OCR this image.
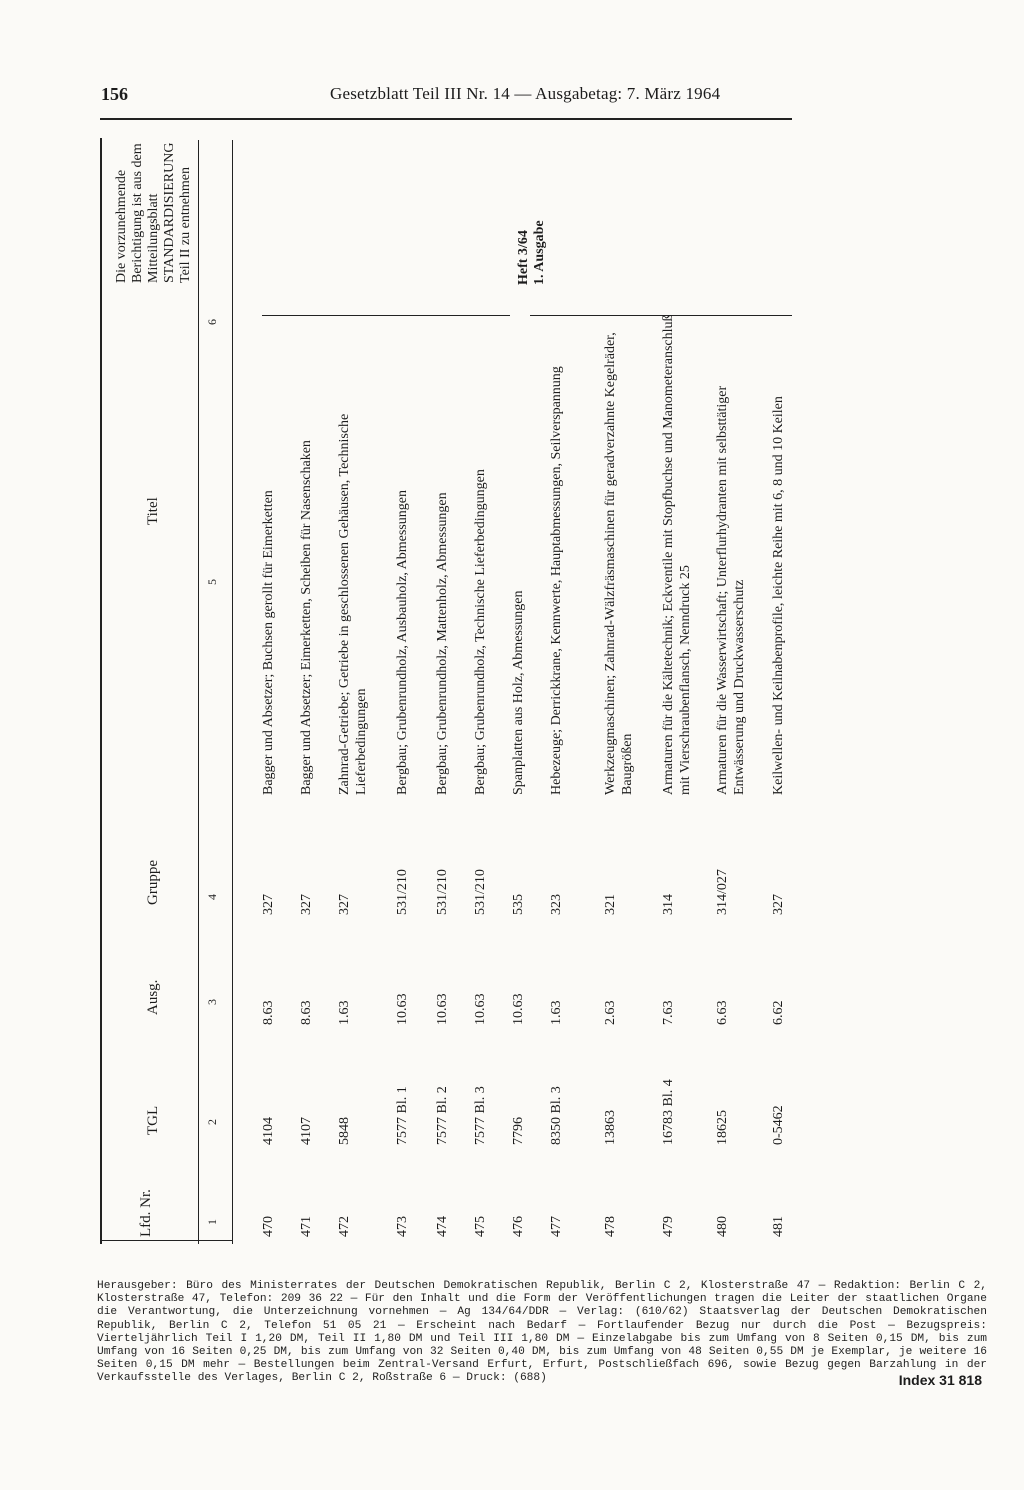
156	Gesetzblatt Teil III Nr. 14 — Ausgabetag: 7. März 1964
Lfd. Nr.
TGL
Ausg.
Gruppe
Titel
Die vorzunehmende Berichtigung ist aus dem Mitteilungsblatt STANDARDISIERUNG Teil II zu entnehmen
1
2
3
4
5
6
Heft 3/64 1. Ausgabe
470
4104
8.63
327
Bagger und Absetzer; Buchsen gerollt für Eimerketten
471
4107
8.63
327
Bagger und Absetzer; Eimerketten, Scheiben für Nasenschaken
472
5848
1.63
327
Zahnrad-Getriebe; Getriebe in geschlossenen Gehäusen, Technische Lieferbedingungen
473
7577 Bl. 1
10.63
531/210
Bergbau; Grubenrundholz, Ausbauholz, Abmessungen
474
7577 Bl. 2
10.63
531/210
Bergbau; Grubenrundholz, Mattenholz, Abmessungen
475
7577 Bl. 3
10.63
531/210
Bergbau; Grubenrundholz, Technische Lieferbedingungen
476
7796
10.63
535
Spanplatten aus Holz, Abmessungen
477
8350 Bl. 3
1.63
323
Hebezeuge; Derrickkrane, Kennwerte, Hauptabmessungen, Seilverspannung
478
13863
2.63
321
Werkzeugmaschinen; Zahnrad-Wälzfräsmaschinen für geradverzahnte Kegelräder, Baugrößen
479
16783 Bl. 4
7.63
314
Armaturen für die Kältetechnik; Eckventile mit Stopfbuchse und Manometeranschluß mit Vierschraubenflansch, Nenndruck 25
480
18625
6.63
314/027
Armaturen für die Wasserwirtschaft; Unterflurhydranten mit selbsttätiger Entwässerung und Druckwasserschutz
481
0-5462
6.62
327
Keilwellen- und Keilnabenprofile, leichte Reihe mit 6, 8 und 10 Keilen

Herausgeber: Büro des Ministerrates der Deutschen Demokratischen Republik, Berlin C 2, Klosterstraße 47 — Redaktion: Berlin C 2, Klosterstraße 47, Telefon: 209 36 22 — Für den Inhalt und die Form der Veröffentlichungen tragen die Leiter der staatlichen Organe die Verantwortung, die Unterzeichnung vornehmen — Ag 134/64/DDR — Verlag: (610/62) Staatsverlag der Deutschen Demokratischen Republik, Berlin C 2, Telefon 51 05 21 — Erscheint nach Bedarf — Fortlaufender Bezug nur durch die Post — Bezugspreis: Vierteljährlich Teil I 1,20 DM, Teil II 1,80 DM und Teil III 1,80 DM — Einzelabgabe bis zum Umfang von 8 Seiten 0,15 DM, bis zum Umfang von 16 Seiten 0,25 DM, bis zum Umfang von 32 Seiten 0,40 DM, bis zum Umfang von 48 Seiten 0,55 DM je Exemplar, je weitere 16 Seiten 0,15 DM mehr — Bestellungen beim Zentral-Versand Erfurt, Erfurt, Postschließfach 696, sowie Bezug gegen Barzahlung in der Verkaufsstelle des Verlages, Berlin C 2, Roßstraße 6 — Druck: (688)	Index 31 818
